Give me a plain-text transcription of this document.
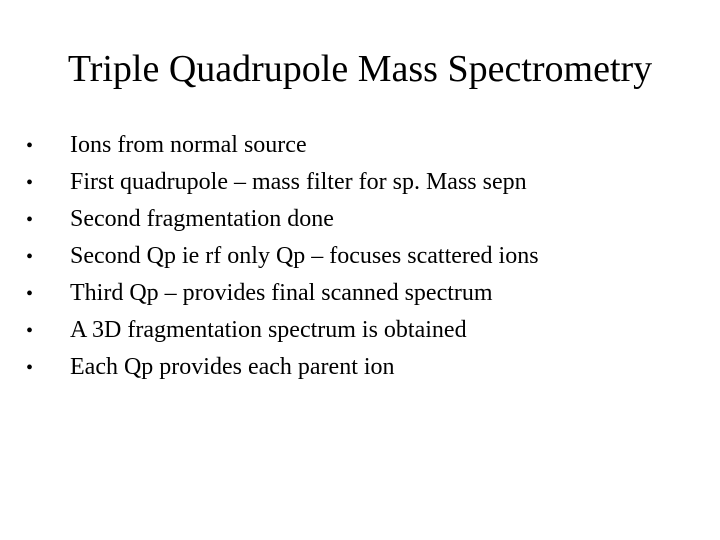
Triple Quadrupole Mass Spectrometry
•	Ions from normal source
•	First quadrupole – mass filter for sp. Mass sepn
•	Second fragmentation done
•	Second Qp ie rf only Qp – focuses scattered ions
•	Third Qp – provides final scanned spectrum
•	A 3D fragmentation spectrum is obtained
•	Each Qp provides each parent ion
